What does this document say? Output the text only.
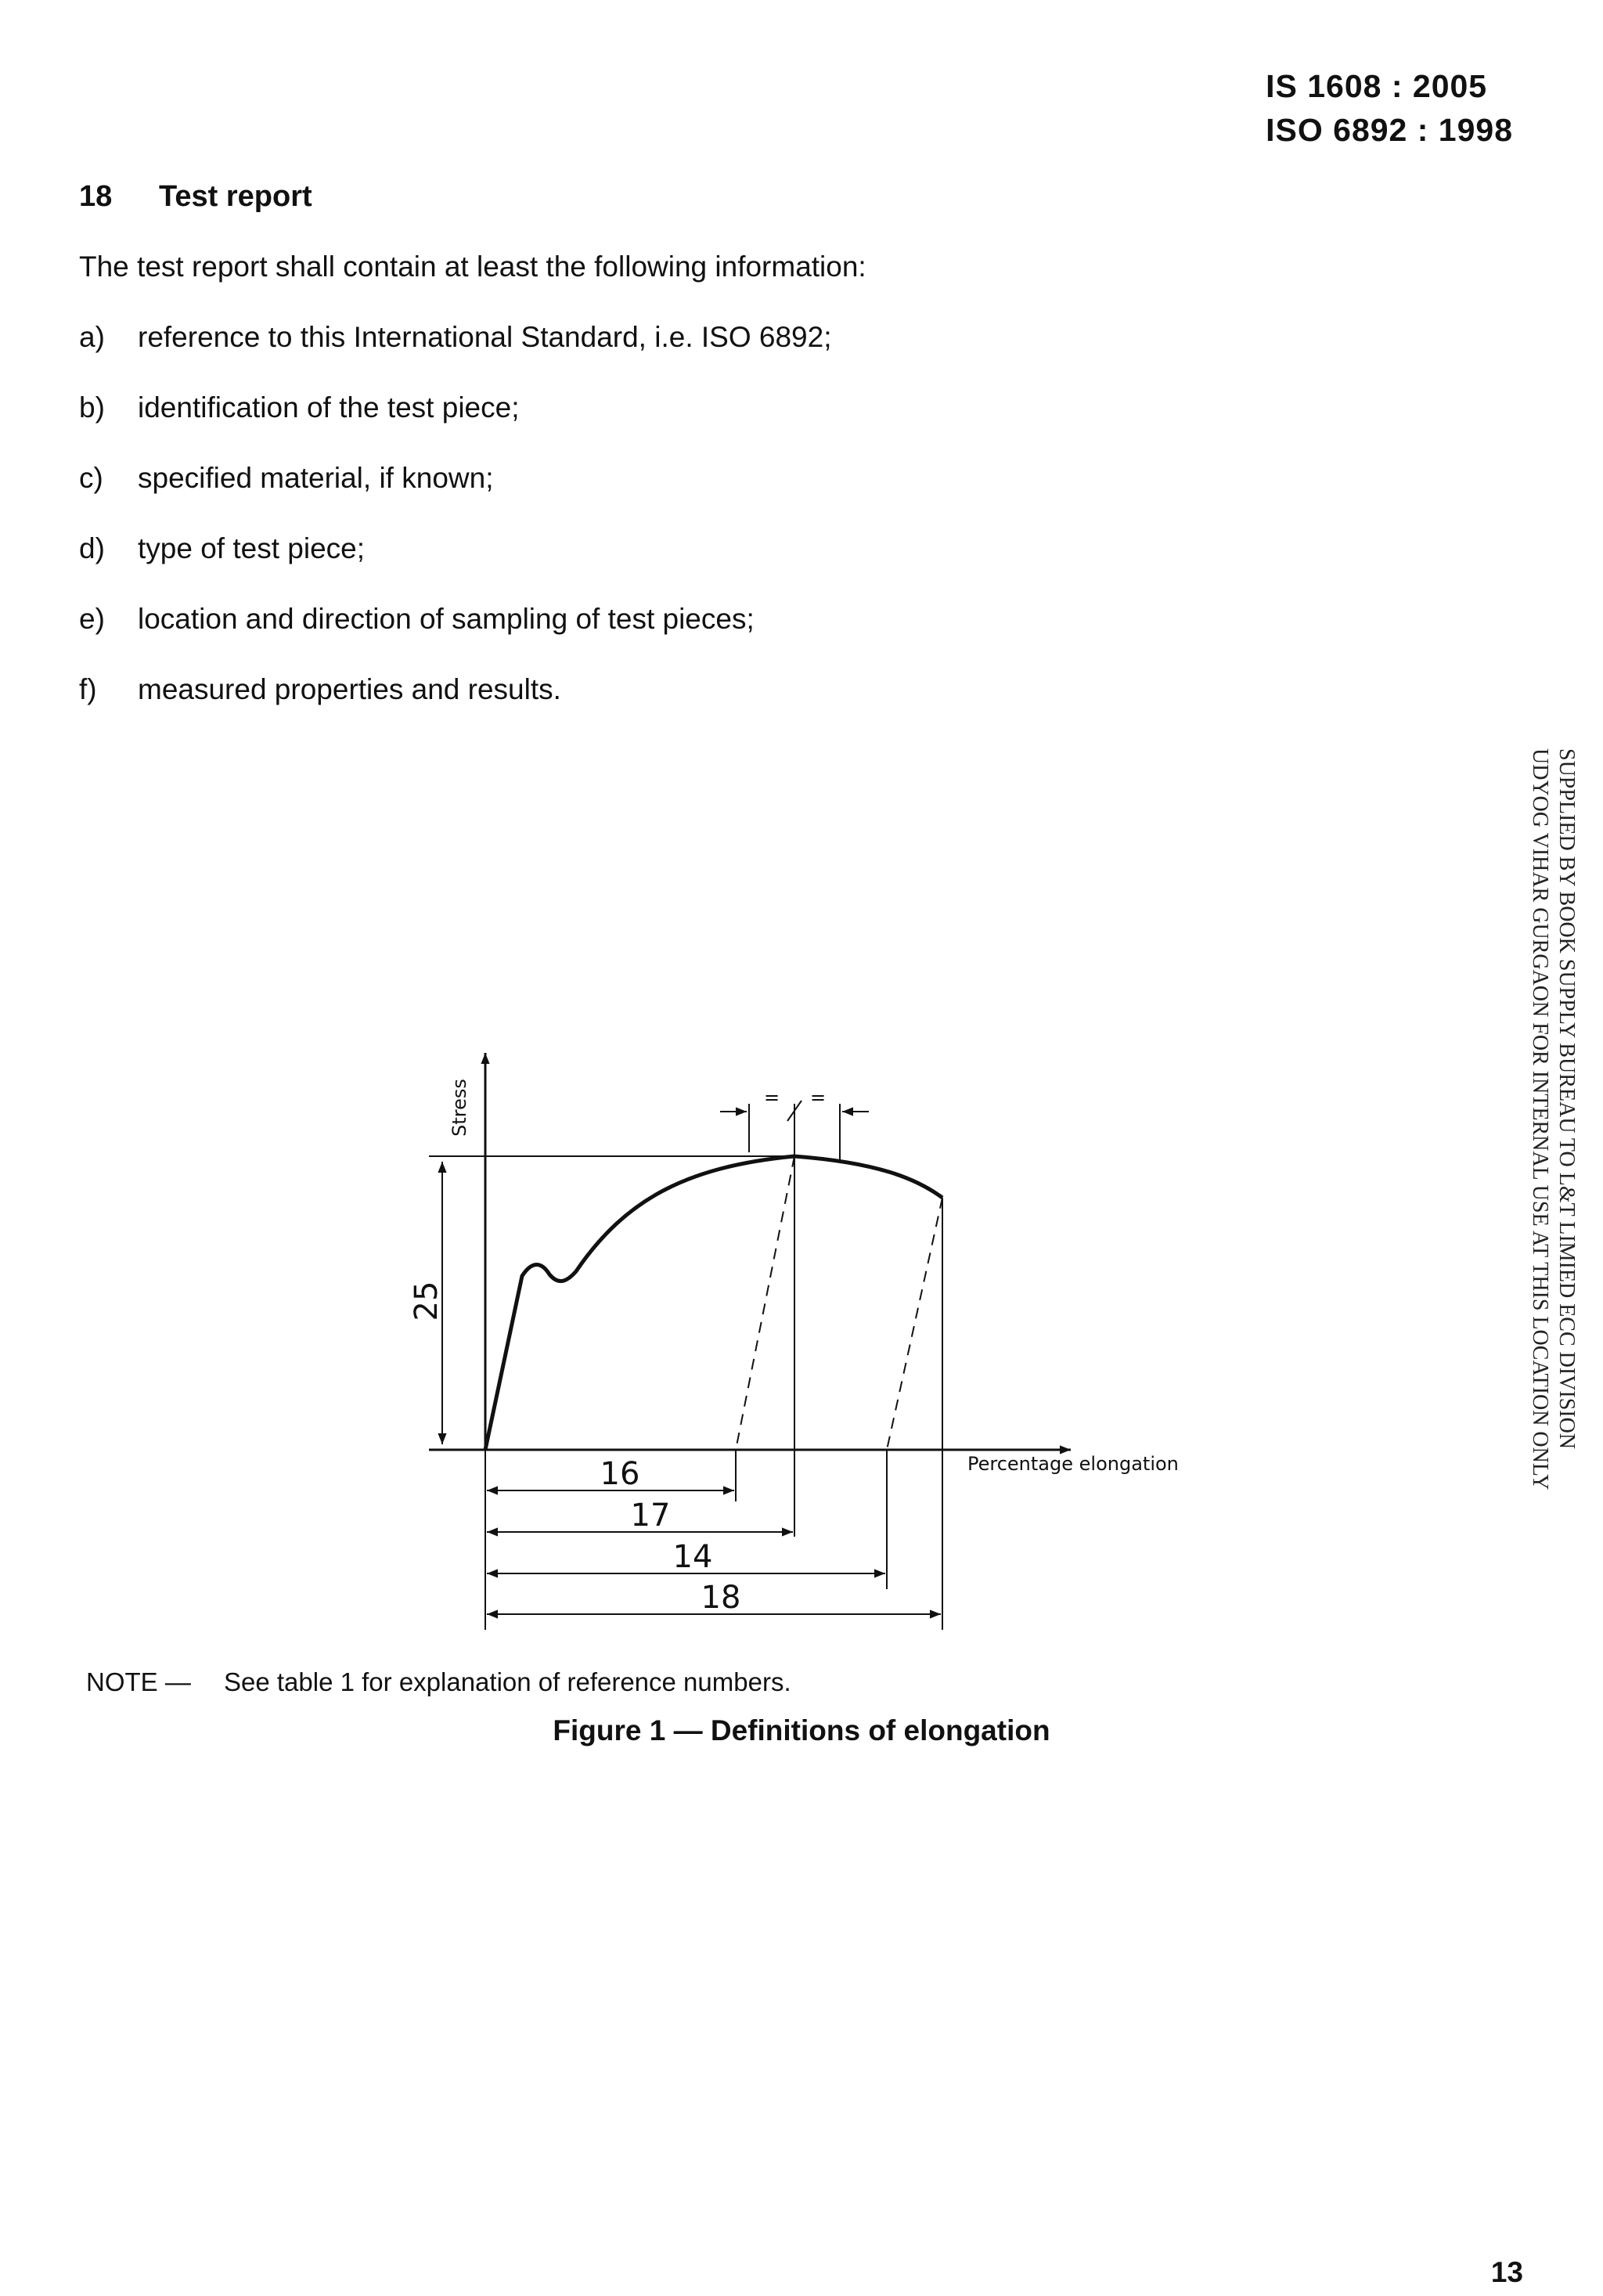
IS 1608 : 2005
ISO 6892 : 1998
18 Test report
The test report shall contain at least the following information:
a) reference to this International Standard, i.e. ISO 6892;
b) identification of the test piece;
c) specified material, if known;
d) type of test piece;
e) location and direction of sampling of test pieces;
f) measured properties and results.
SUPPLIED BY BOOK SUPPLY BUREAU TO L&T LIMIED ECC DIVISION
UDYOG VIHAR GURGAON FOR INTERNAL USE AT THIS LOCATION ONLY
25
16
17
14
18
= =
Stress
Percentage elongation
NOTE — See table 1 for explanation of reference numbers.
Figure 1 — Definitions of elongation
13
